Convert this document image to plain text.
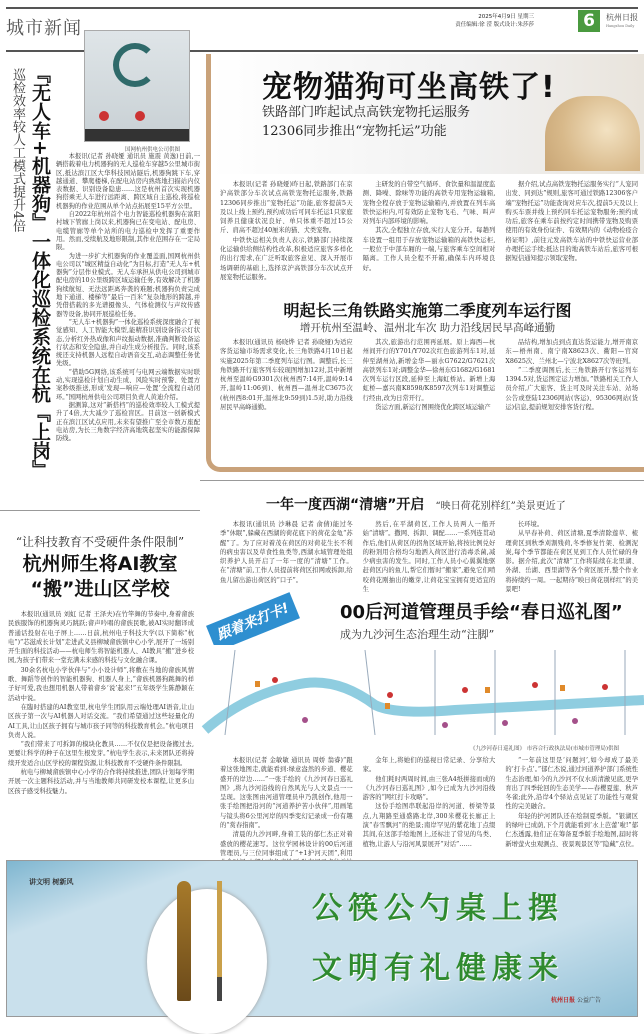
城市新闻
2025年4月9日 星期三
责任编辑:徐 滢 版式设计:朱莎莎	6	杭州日报
Hangzhou Daily
国网杭州供电公司供图
『无人车+机器狗』一体化巡检系统在杭『上岗』
巡检效率较人工模式提升4倍	本报讯(记者 孙晓娅 通讯员 施震 黄逸)日前,一辆搭载着电力机器狗的无人巡检车穿越5公里城市街区,抵达滨江区大华科技园站隧后,机器狗跳下车,穿越通道、攀爬楼梯,在配电站房内熟练地扫描站内仪表数据、识别设备隐患……这是杭州首次实现机器狗搭乘无人车进行远距离、跨区域自主巡检,将巡检机器狗的作业范围从单个站点拓展至15平方公里。

自2022年杭州首个电力智能巡检机器狗在富阳村城下管廊上岗以来,机器狗已在变电站、配电房、电缆管廊等单个站所的电力巡检中发挥了重要作用。然而,受续航及地形限制,其作业范围存在一定局限。

为进一步扩大机器狗的作业覆盖面,国网杭州供电公司以“城区精益自动化”为目标,打造“无人车+机器狗”分层作业模式。无人车承担从供电公司到城市配电房的10公里级跨区域运输任务,有效解决了机器狗续航短、无法远距离奔袭的难题;机器狗负责完成地下通道、楼梯等“最后一百米”复杂地形的跨越,并凭借搭载的多光谱摄像头、气体检测仪与声纹传感器等设备,协同开展巡检任务。

“无人车+机器狗”一体化巡检系统深度融合了视觉感知、人工智能大模型,能精准识别设备指示灯状态,分析红外热成像和声纹振动数据,准确判断设备运行状态和安全隐患,并自动生成分析报告。同时,该系统还支持机器人远程自动语音交互,动态调整任务优先级。

“借助5G网络,该系统可与电网云端数据实时联动,实现巡检计划自动生成、风险实时预警、处置方案秒级推送,形成‘发现—响应—处置’全流程自动闭环。”国网杭州供电公司项目负责人黄迪介绍。

据测算,这对“新搭档”的巡检效率较人工模式提升了4倍,大大减少了巡检盲区。目前这一创新模式正在滨江区试点应用,未来有望推广至全市数万座配电站房,为长三角数字经济高地筑起坚实的能源保障防线。

宠物猫狗可坐高铁了!
铁路部门昨起试点高铁宠物托运服务
12306同步推出“宠物托运”功能

本报讯(记者 孙晓娅)昨日起,铁路部门在京沪高铁部分车次试点高铁宠物托运服务,铁路12306同步推出“宠物托运”功能,旅客提前5天及以上线上预约,预约成功后可同车托运1只家庭饲养且健康状况良好、单只体重不超过15公斤、肩高不超过40厘米的猫、犬类宠物。

中铁快运相关负责人表示,铁路部门持续深化运输供给侧结构性改革,积极适应旅客多样化的出行需求,在广泛听取旅客意见、深入开展市场调研的基础上,选择京沪高铁部分车次试点开展宠物托运服务。

主研发的自带空气循环、食饮量和温湿度监测、降噪、除味等功能的高铁专用宠物运输箱,宠物全程存放于宠物运输箱内,并放置在列车高铁快运柜内,可有效防止宠物飞毛、气味、叫声对列车内部环境的影响。

其次,全程独立存放,实行人宠分开。每趟列车设置一组用于存放宠物运输箱的高铁快运柜,一般位于中部车厢的一端,与旅客乘车空间相对隔离。工作人员全程不开箱,确保车内环境良好。

据介绍,试点高铁宠物托运服务实行“人宠同出发、同到达”规则,旅客可通过铁路12306客户端“宠物托运”功能查询对应车次,提前5天及以上购买车票并线上预约同车托运宠物服务;预约成功后,旅客在乘车前按约定时间携带宠物及购票使用的有效身份证件、有效期内的《动物检疫合格证明》,前往元发高铁车站的中铁快运营业部办理托运手续;抵达目的地高铁车站后,旅客可根据短信通知提示领取宠物。

明起长三角铁路实施第二季度列车运行图
增开杭州至温岭、温州北车次 助力沿线居民早高峰通勤

本报讯(通讯员 杨晓烨 记者 孙晓娅)为适应客货运输市场需求变化,长三角铁路4月10日起实施2025年第二季度列车运行图。调整后,长三角铁路开行旅客列车较现图增加12对,其中新增杭州至温岭G9301次(杭州西7:14开,温岭9:14开,温岭11:06到)、杭州西—温州北C3675次(杭州西8:01开,温州北9:59到)1.5对,助力沿线居民早高峰通勤。

其次,旅游出行范围再延展。原上海西—杭州间开行的Y701/Y702次红色旅游列车1对,延伸至湖州站,新增金华—丽水G7622/G7621次高铁列车1对;调整金华—徐州东G1682/G1681次列车运行区段,延伸至上海虹桥站。新增上海虹桥—嘉兴南K8598/K8597次列车1对调整运行经由,改为日常开行。

货运方面,新运行图围绕优化跨区域运输产

品结构,增加点到点直达货运能力,增开南京东—梧州南、南宁南X8623次、衢阳—官窝X8625次、兰州北—宁波北X8627次等班列。

“二季度调图后,长三角铁路开行客运列车1394.5对,货运图定运力增加。”铁路相关工作人员介绍,广大旅客、货主可及时关注车站、站场公告或登陆12306网站(客运)、95306网站(货运)信息,提前规划安排客货行程。

一年一度西湖“清塘”开启 “映日荷花别样红”美景更近了

本报讯(通讯员 沙琳晨 记者 俞倩)能过冬季“休眠”,躲藏在西湖的荷花底下的荷花金龟“苏醒”了。为了应对着茂在荷区的对荷花生长不利的病虫害以及草食性鱼类等,西湖水域管理处组织养护人员开启了一年一度的“清塘”工作。在“清塘”前,工作人员提前将荷区扣网或拆卸,给鱼儿留出游出荷区的“口子”。

然后,在平湖荷区,工作人员两人一船开始“清塘”。撒网、拆卸、调配……一系列连贯动作后,他们从荷区的拐角区域开始,将按比例兑好的粉剂用合格均匀地洒入荷区进行消毒杀菌,减少病虫害的发生。同时,工作人员小心翼翼地驱赶荷区内的鱼儿,帮它们暂时“搬家”,避免它们啃咬荷花刚抽出的嫩芽,让荷花宝宝拥有更适宜的生

长环境。

从早春补荷、荷区清塘,夏季清除莲草、梳理荷区到秋季刈割残荷,冬季修复竹架、检测泥炭,每个季节都能在荷区见到工作人员忙碌的身影。据介绍,此次“清塘”工作将陆续在北里湖、外湖、岳湖、西里湖等各个荷区展开,整个作业将持续约一周。一起期待“映日荷花别样红”的美景吧!

“让科技教育不受硬件条件限制”
杭州师生将AI教室
“搬”进山区学校

本报讯(通讯员 刘虹 记者 王泽夫)在竹竿舞的节奏中,身着畲族民族服饰的机器狗灵巧跳跃;畲声吟唱的畲族民歌,被AI实时翻译成普通话投射在电子屏上……日前,杭州电子科技大学(以下简称“杭电”)“芯滋成长计划”走进武义县柳城畲族镇中心小学,展开了一场别开生面的科技活动——杭电师生将智能机器人、AI教具“搬”进乡校园,为孩子们带来一堂充满未来感的科技与文化融合课。

30余名杭电小学伙伴与“小小设计师”,将敷在当地的畲族风情歌、舞蹈等创作的智能机器狗、机器人身上,“畲族机器狗跳舞的样子好可爱,我也想用机器人带着畲乡‘说’起来!”五年级学生陈静颖在活动中说。

在臨时搭建的AI教室里,杭电学生团队用云端处理AI语音,让山区孩子第一次与AI机器人对话交流。“我们希望通过这些轻量化的AI工具,让山区孩子拥有与城市孩子同等的科技教育机会。”杭电项目负责人说。

“我们带来了可拆卸的模块化教具……不仅仅是把设备搬过去,更要让科学的种子在这里生根发芽。”杭电学生表示,未来团队还将持续开发适合山区学校的课程资源,让科技教育不受硬件条件限制。

杭电与柳城畲族镇中心小学的合作将持续推进,团队计划每学期开展一次主题科技活动,并与当地教师共同研发校本课程,让更多山区孩子感受科技魅力。

跟着来打卡!	00后河道管理员手绘“春日巡礼图”
成为九沙河生态治理生动“注脚”
《九沙河春日巡礼图》 市容合行政执法局(市城市管理局)供图

本报讯(记者 金敏敏 通讯员 周娇 翁睿)“跟着这张地图走,就能看到:绿意盎然的步道、樱花盛开的岸边……”一张手绘的《九沙河春日巡礼图》,将九沙河沿线的自然风光与人文景点一一呈现。这张图由河道管理员申乃凯创作,他用一张手绘图把沿河的“河道养护苦小伙伴”,用画笔与镜头将6公里河岸的四季变幻记录成一份有趣的“赏春指南”。

清晨的九沙河畔,身着工装的郁仁杰正对着盛放的樱花速写。这位学园林设计的00后河道管理员,与三位同事组成了“+1护河天团”,利用

金年上,将她们的巡视日常记录、分享给大家。

他们耗时两周时间,由三张A4纸拼接而成的《九沙河春日巡礼图》,如今已成为九沙河沿线游客的“网红打卡攻略”。

这份手绘图串联起沿岸的河道、桥梁等景点,九翔路至通盛路北岸,300米樱花长廊正上演“春雪飘河”的绝景;南岸罕见的紫花地丁点缀其间,在这部手绘地图上,还标注了常见的鸟类、植物,让游人与沿河风景展开“对话”……

“一年前这里是‘问题河’,如今却成了最美的‘打卡点’。”郁仁杰说,通过河道养护部门系统性生态治理,如今的九沙河不仅水质清澈见底,更孕育出了四季轮回的生态美学——春樱夏莲、秋芦冬雀;此外,沿岸4个驿站点见证了功能性与观赏性的完美融合。

年轻的护河团队还在绘制夏季版。“银湖区的绿叶已成荫,下个月就能看到‘水上芭蕾’啦!”郁仁杰透露,他们正在筹备夏季版手绘地图,届时将新增萤火虫观测点、夜景观景区等“隐藏”点位。

讲文明 树新风
公筷公勺桌上摆
文明有礼健康来
杭州日报 公益广告
